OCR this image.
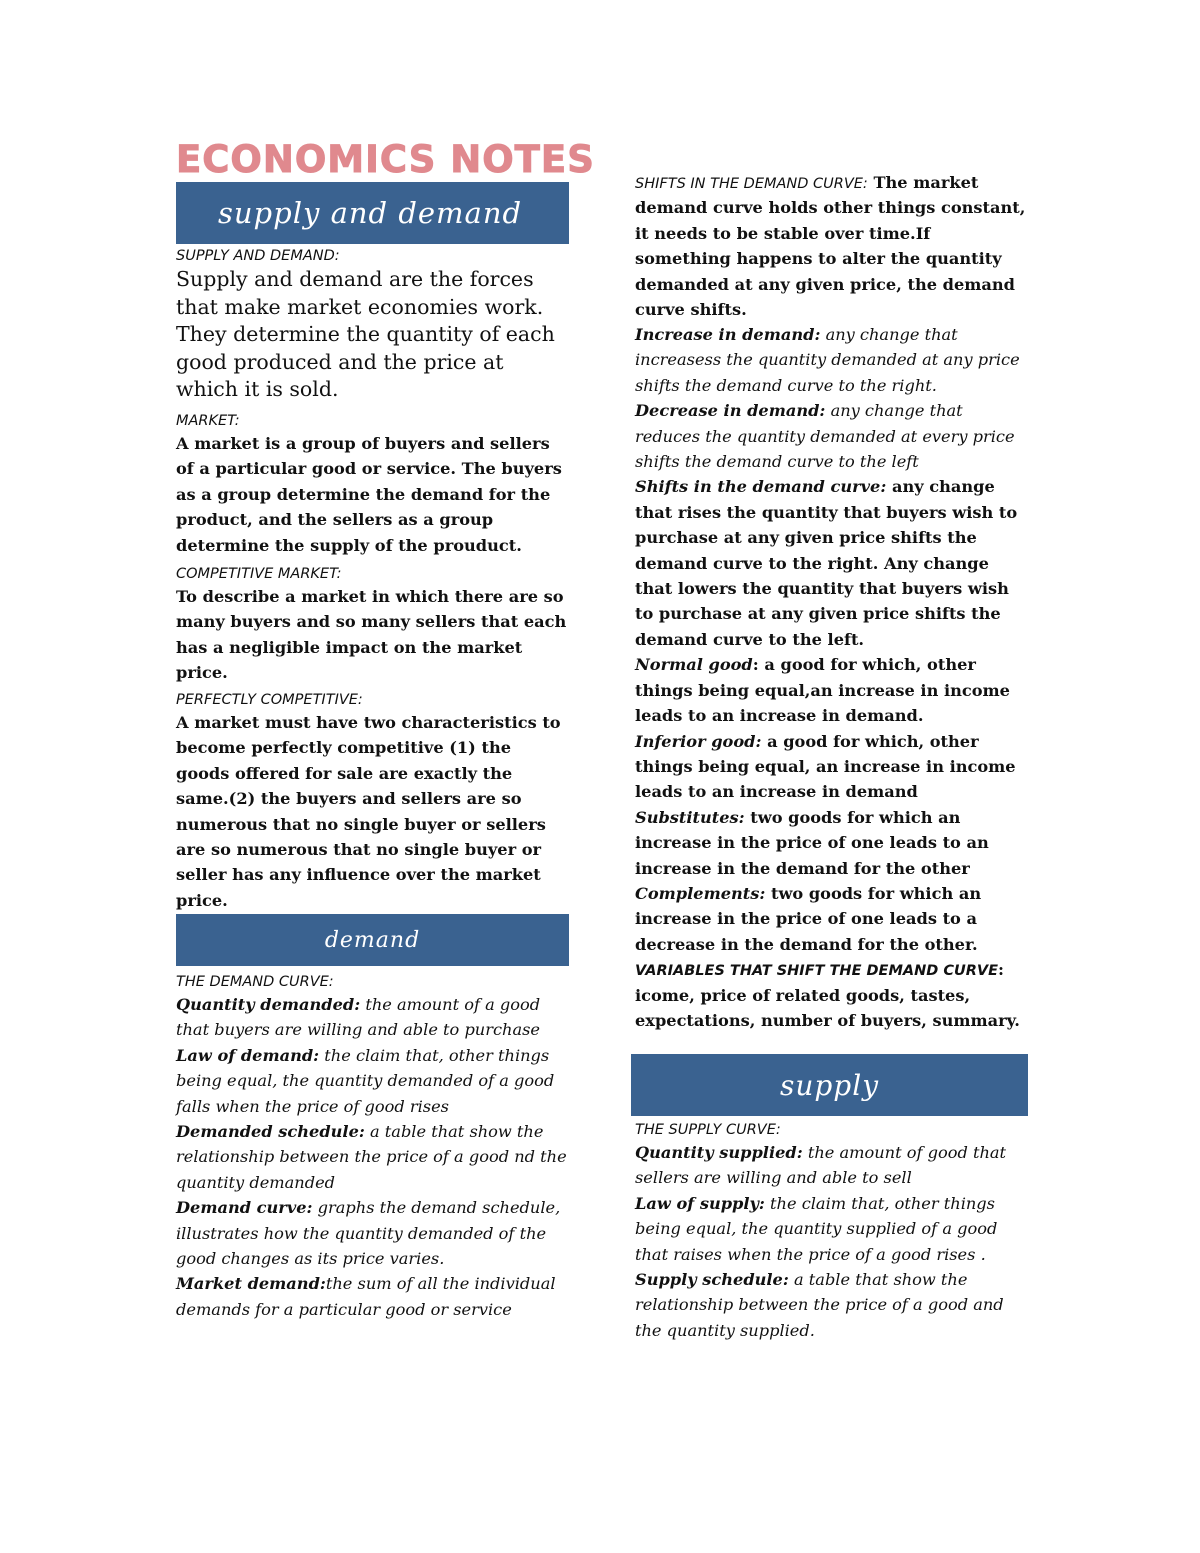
ECONOMICS NOTES
supply and demand

SUPPLY AND DEMAND:

Supply and demand are the forces that make market economies work. They determine the quantity of each good produced and the price at which it is sold.

MARKET:

A market is a group of buyers and sellers of a particular good or service. The buyers as a group determine the demand for the product, and the sellers as a group determine the supply of the prouduct.

COMPETITIVE MARKET:

To describe a market in which there are so many buyers and so many sellers that each has a negligible impact on the market price.

PERFECTLY COMPETITIVE:

A market must have two characteristics to become perfectly competitive (1) the goods offered for sale are exactly the same.(2) the buyers and sellers are so numerous that no single buyer or sellers are so numerous that no single buyer or seller has any influence over the market price.

demand

THE DEMAND CURVE:

Quantity demanded: the amount of a good that buyers are willing and able to purchase

Law of demand: the claim that, other things being equal, the quantity demanded of a good falls when the price of good rises

Demanded schedule: a table that show the relationship between the price of a good nd the quantity demanded

Demand curve: graphs the demand schedule, illustrates how the quantity demanded of the good changes as its price varies.

Market demand:the sum of all the individual demands for a particular good or service

SHIFTS IN THE DEMAND CURVE: The market demand curve holds other things constant, it needs to be stable over time.If something happens to alter the quantity demanded at any given price, the demand curve shifts.

Increase in demand: any change that increasess the quantity demanded at any price shifts the demand curve to the right.

Decrease in demand: any change that reduces the quantity demanded at every price shifts the demand curve to the left

Shifts in the demand curve: any change that rises the quantity that buyers wish to purchase at any given price shifts the demand curve to the right. Any change that lowers the quantity that buyers wish to purchase at any given price shifts the demand curve to the left.

Normal good: a good for which, other things being equal,an increase in income leads to an increase in demand.

Inferior good: a good for which, other things being equal, an increase in income leads to an increase in demand

Substitutes: two goods for which an increase in the price of one leads to an increase in the demand for the other

Complements: two goods for which an increase in the price of one leads to a decrease in the demand for the other.

VARIABLES THAT SHIFT THE DEMAND CURVE: icome, price of related goods, tastes, expectations, number of buyers, summary.

supply

THE SUPPLY CURVE:

Quantity supplied: the amount of good that sellers are willing and able to sell

Law of supply: the claim that, other things being equal, the quantity supplied of a good that raises when the price of a good rises .

Supply schedule: a table that show the relationship between the price of a good and the quantity supplied.
